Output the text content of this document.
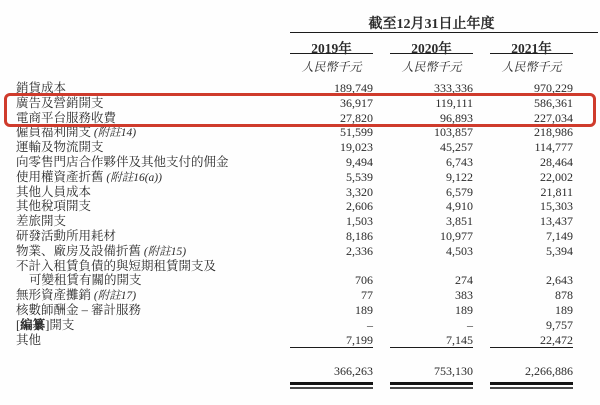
截至12月31日止年度
2019年	2020年	2021年
人民幣千元	人民幣千元	人民幣千元
銷貨成本	189,749	333,336	970,229
廣告及營銷開支	36,917	119,111	586,361
電商平台服務收費	27,820	96,893	227,034
僱員福利開支 (附註14)	51,599	103,857	218,986
運輸及物流開支	19,023	45,257	114,777
向零售門店合作夥伴及其他支付的佣金	9,494	6,743	28,464
使用權資產折舊 (附註16(a))	5,539	9,122	22,002
其他人員成本	3,320	6,579	21,811
其他稅項開支	2,606	4,910	15,303
差旅開支	1,503	3,851	13,437
研發活動所用耗材	8,186	10,977	7,149
物業、廠房及設備折舊 (附註15)	2,336	4,503	5,394
不計入租賃負債的與短期租賃開支及
可變租賃有關的開支	706	274	2,643
無形資產攤銷 (附註17)	77	383	878
核數師酬金 – 審計服務	189	189	189
[編纂]開支	–	–	9,757
其他	7,199	7,145	22,472
366,263	753,130	2,266,886
